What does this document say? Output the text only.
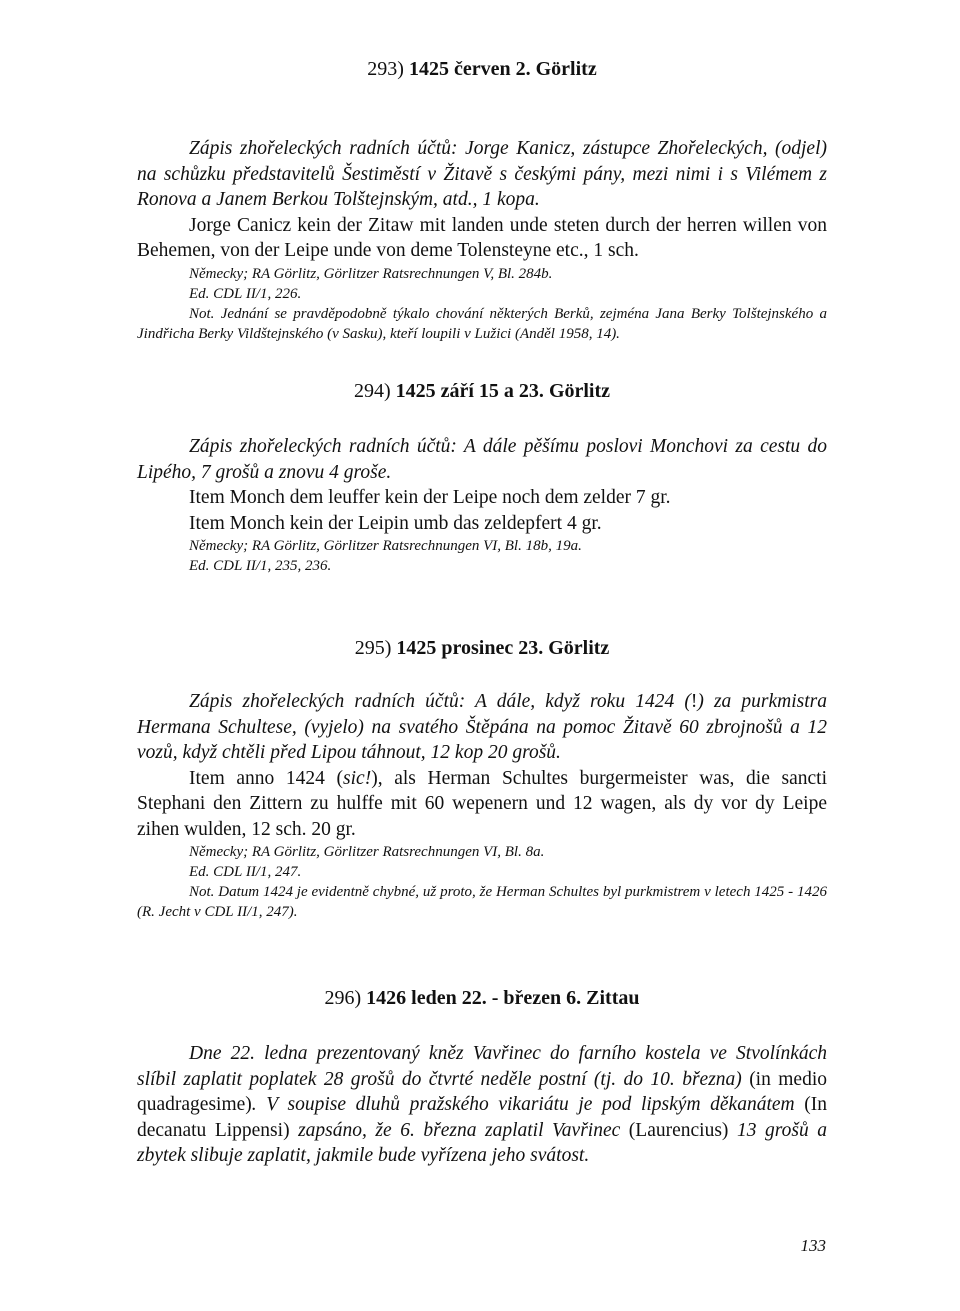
293) 1425 červen 2. Görlitz

Zápis zhořeleckých radních účtů: Jorge Kanicz, zástupce Zhořeleckých, (odjel) na schůzku představitelů Šestiměstí v Žitavě s českými pány, mezi nimi i s Vilémem z Ronova a Janem Berkou Tolštejnským, atd., 1 kopa.

Jorge Canicz kein der Zitaw mit landen unde steten durch der herren willen von Behemen, von der Leipe unde von deme Tolensteyne etc., 1 sch.

Německy; RA Görlitz, Görlitzer Ratsrechnungen V, Bl. 284b.
Ed. CDL II/1, 226.
Not. Jednání se pravděpodobně týkalo chování některých Berků, zejména Jana Berky Tolštejnského a Jindřicha Berky Vildštejnského (v Sasku), kteří loupili v Lužici (Anděl 1958, 14).
294) 1425 září 15 a 23. Görlitz

Zápis zhořeleckých radních účtů: A dále pěšímu poslovi Monchovi za cestu do Lipého, 7 grošů a znovu 4 groše.

Item Monch dem leuffer kein der Leipe noch dem zelder 7 gr.

Item Monch kein der Leipin umb das zeldepfert 4 gr.

Německy; RA Görlitz, Görlitzer Ratsrechnungen VI, Bl. 18b, 19a.
Ed. CDL II/1, 235, 236.
295) 1425 prosinec 23. Görlitz

Zápis zhořeleckých radních účtů: A dále, když roku 1424 (!) za purkmistra Hermana Schultese, (vyjelo) na svatého Štěpána na pomoc Žitavě 60 zbrojnošů a 12 vozů, když chtěli před Lipou táhnout, 12 kop 20 grošů.

Item anno 1424 (sic!), als Herman Schultes burgermeister was, die sancti Stephani den Zittern zu hulffe mit 60 wepenern und 12 wagen, als dy vor dy Leipe zihen wulden, 12 sch. 20 gr.

Německy; RA Görlitz, Görlitzer Ratsrechnungen VI, Bl. 8a.
Ed. CDL II/1, 247.
Not. Datum 1424 je evidentně chybné, už proto, že Herman Schultes byl purkmistrem v letech 1425 - 1426 (R. Jecht v CDL II/1, 247).
296) 1426 leden 22. - březen 6. Zittau

Dne 22. ledna prezentovaný kněz Vavřinec do farního kostela ve Stvolínkách slíbil zaplatit poplatek 28 grošů do čtvrté neděle postní (tj. do 10. března) (in medio quadragesime). V soupise dluhů pražského vikariátu je pod lipským děkanátem (In decanatu Lippensi) zapsáno, že 6. března zaplatil Vavřinec (Laurencius) 13 grošů a zbytek slibuje zaplatit, jakmile bude vyřízena jeho svátost.

133
